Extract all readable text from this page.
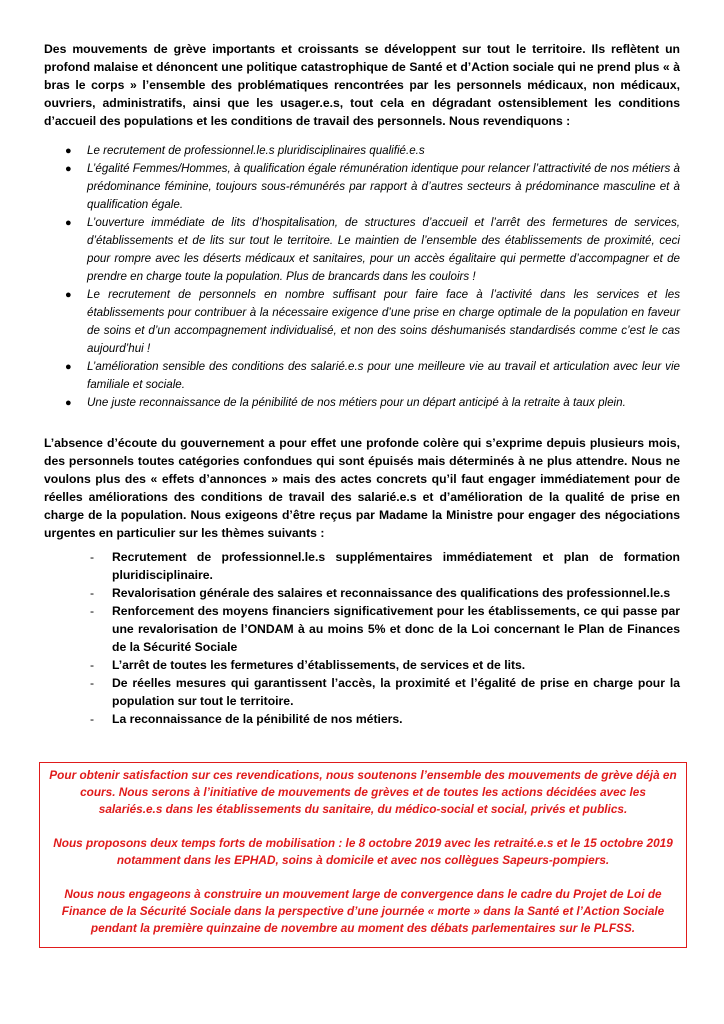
Des mouvements de grève importants et croissants se développent sur tout le territoire. Ils reflètent un profond malaise et dénoncent une politique catastrophique de Santé et d’Action sociale qui ne prend plus « à bras le corps » l’ensemble des problématiques rencontrées par les personnels médicaux, non médicaux, ouvriers, administratifs, ainsi que les usager.e.s, tout cela en dégradant ostensiblement les conditions d’accueil des populations et les conditions de travail des personnels. Nous revendiquons :

● Le recrutement de professionnel.le.s pluridisciplinaires qualifié.e.s
● L’égalité Femmes/Hommes, à qualification égale rémunération identique pour relancer l’attractivité de nos métiers à prédominance féminine, toujours sous-rémunérés par rapport à d’autres secteurs à prédominance masculine et à qualification égale.
● L’ouverture immédiate de lits d’hospitalisation, de structures d’accueil et l’arrêt des fermetures de services, d’établissements et de lits sur tout le territoire. Le maintien de l’ensemble des établissements de proximité, ceci pour rompre avec les déserts médicaux et sanitaires, pour un accès égalitaire qui permette d’accompagner et de prendre en charge toute la population. Plus de brancards dans les couloirs !
● Le recrutement de personnels en nombre suffisant pour faire face à l’activité dans les services et les établissements pour contribuer à la nécessaire exigence d’une prise en charge optimale de la population en faveur de soins et d’un accompagnement individualisé, et non des soins déshumanisés standardisés comme c’est le cas aujourd’hui !
● L’amélioration sensible des conditions des salarié.e.s pour une meilleure vie au travail et articulation avec leur vie familiale et sociale.
● Une juste reconnaissance de la pénibilité de nos métiers pour un départ anticipé à la retraite à taux plein.

L’absence d’écoute du gouvernement a pour effet une profonde colère qui s’exprime depuis plusieurs mois, des personnels toutes catégories confondues qui sont épuisés mais déterminés à ne plus attendre. Nous ne voulons plus des « effets d’annonces » mais des actes concrets qu’il faut engager immédiatement pour de réelles améliorations des conditions de travail des salarié.e.s et d’amélioration de la qualité de prise en charge de la population. Nous exigeons d’être reçus par Madame la Ministre pour engager des négociations urgentes en particulier sur les thèmes suivants :

- Recrutement de professionnel.le.s supplémentaires immédiatement et plan de formation pluridisciplinaire.
- Revalorisation générale des salaires et reconnaissance des qualifications des professionnel.le.s
- Renforcement des moyens financiers significativement pour les établissements, ce qui passe par une revalorisation de l’ONDAM à au moins 5% et donc de la Loi concernant le Plan de Finances de la Sécurité Sociale
- L’arrêt de toutes les fermetures d’établissements, de services et de lits.
- De réelles mesures qui garantissent l’accès, la proximité et l’égalité de prise en charge pour la population sur tout le territoire.
- La reconnaissance de la pénibilité de nos métiers.

Pour obtenir satisfaction sur ces revendications, nous soutenons l’ensemble des mouvements de grève déjà en cours. Nous serons à l’initiative de mouvements de grèves et de toutes les actions décidées avec les salariés.e.s dans les établissements du sanitaire, du médico-social et social, privés et publics.

Nous proposons deux temps forts de mobilisation : le 8 octobre 2019 avec les retraité.e.s et le 15 octobre 2019 notamment dans les EPHAD, soins à domicile et avec nos collègues Sapeurs-pompiers.

Nous nous engageons à construire un mouvement large de convergence dans le cadre du Projet de Loi de Finance de la Sécurité Sociale dans la perspective d’une journée « morte » dans la Santé et l’Action Sociale pendant la première quinzaine de novembre au moment des débats parlementaires sur le PLFSS.
